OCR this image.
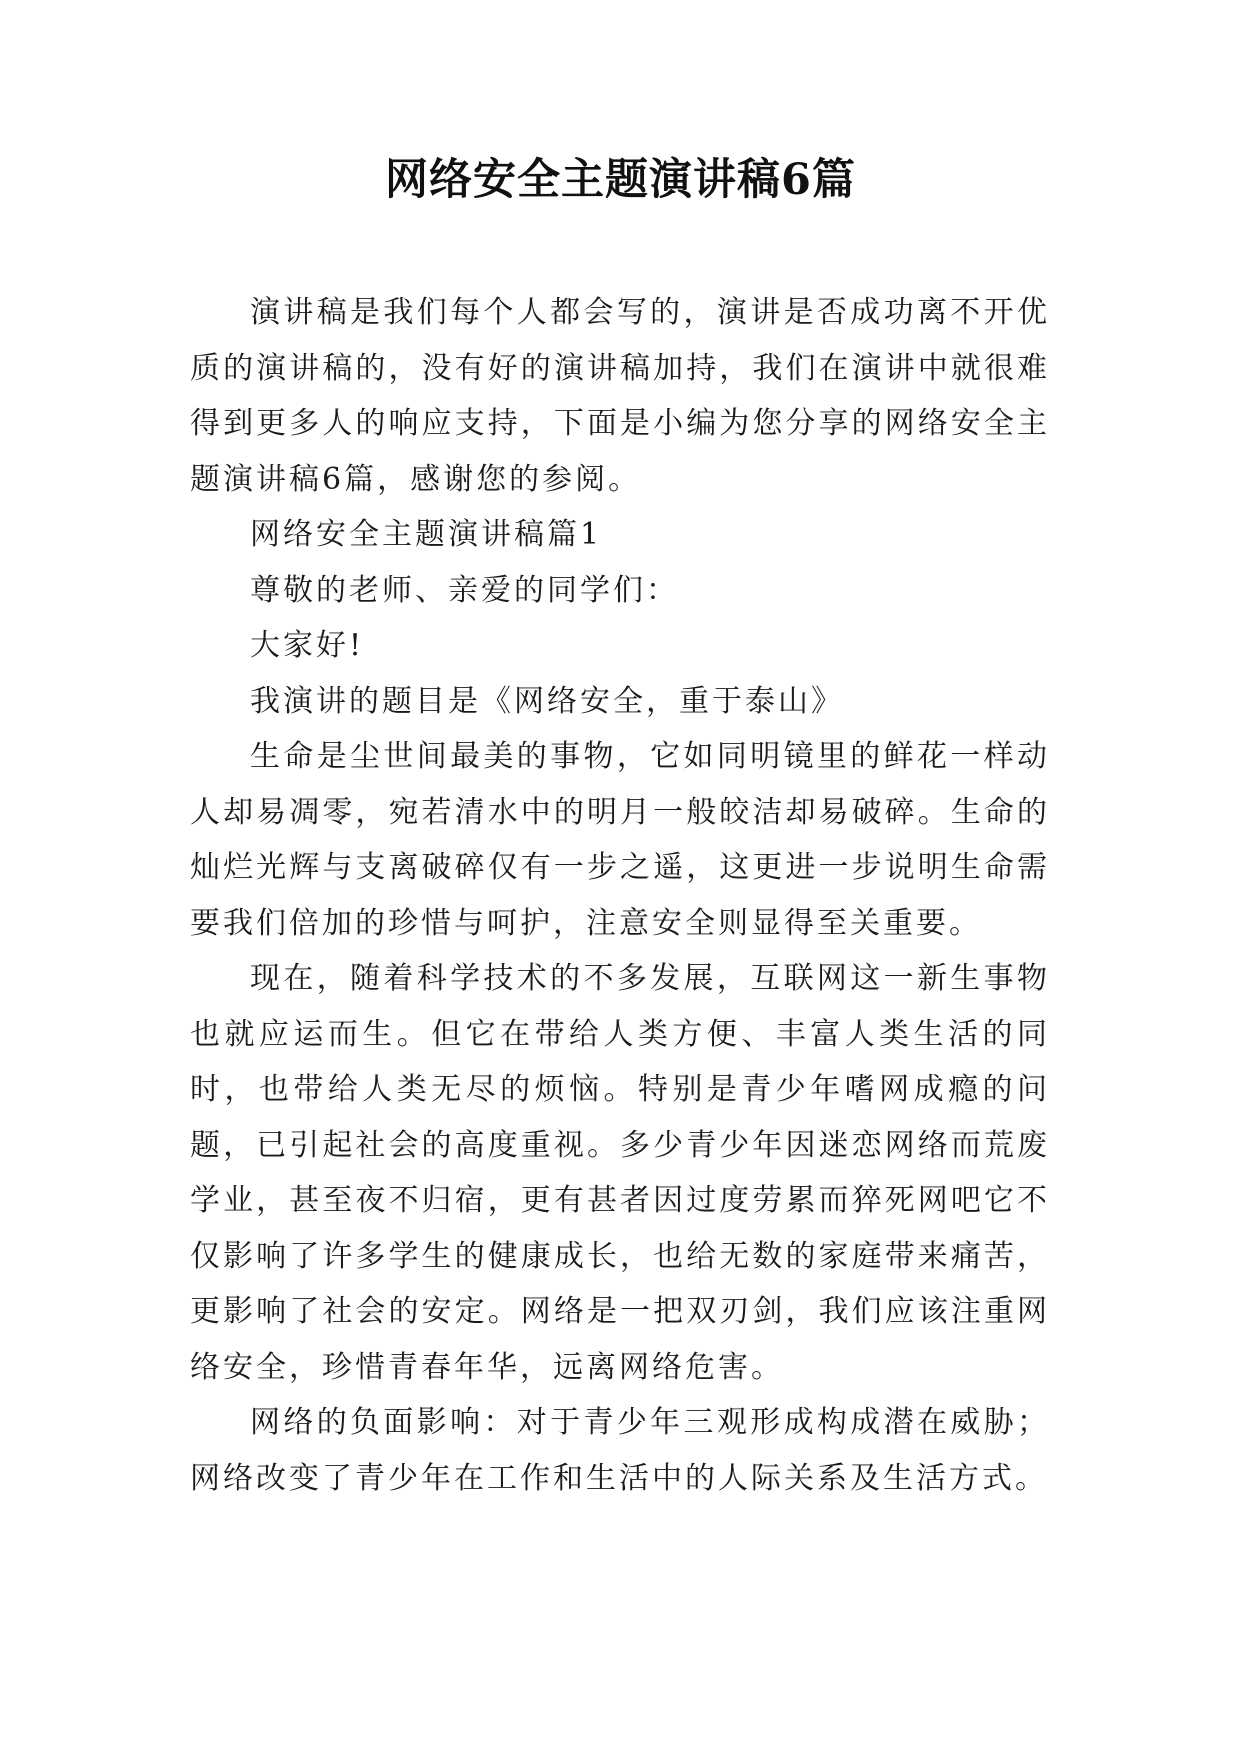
网络安全主题演讲稿6篇

演讲稿是我们每个人都会写的，演讲是否成功离不开优质的演讲稿的，没有好的演讲稿加持，我们在演讲中就很难得到更多人的响应支持，下面是小编为您分享的网络安全主题演讲稿6篇，感谢您的参阅。

网络安全主题演讲稿篇1

尊敬的老师、亲爱的同学们：

大家好!

我演讲的题目是《网络安全，重于泰山》

生命是尘世间最美的事物，它如同明镜里的鲜花一样动人却易凋零，宛若清水中的明月一般皎洁却易破碎。生命的灿烂光辉与支离破碎仅有一步之遥，这更进一步说明生命需要我们倍加的珍惜与呵护，注意安全则显得至关重要。

现在，随着科学技术的不多发展，互联网这一新生事物也就应运而生。但它在带给人类方便、丰富人类生活的同时，也带给人类无尽的烦恼。特别是青少年嗜网成瘾的问题，已引起社会的高度重视。多少青少年因迷恋网络而荒废学业，甚至夜不归宿，更有甚者因过度劳累而猝死网吧它不仅影响了许多学生的健康成长，也给无数的家庭带来痛苦，更影响了社会的安定。网络是一把双刃剑，我们应该注重网络安全，珍惜青春年华，远离网络危害。

网络的负面影响：对于青少年三观形成构成潜在威胁；网络改变了青少年在工作和生活中的人际关系及生活方式。
